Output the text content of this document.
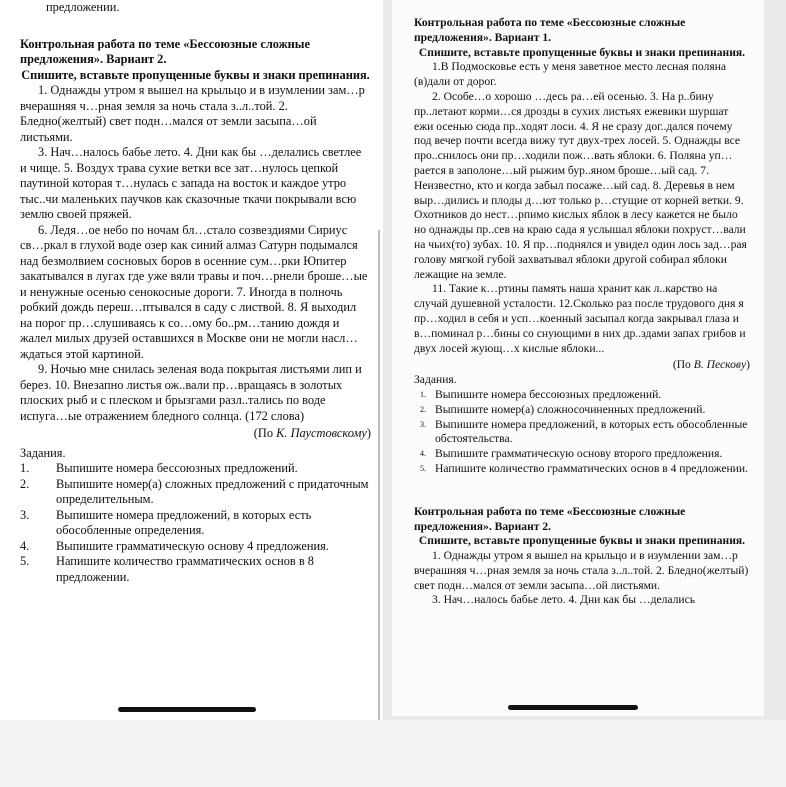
предложении.

Контрольная работа по теме «Бессоюзные сложные предложения». Вариант 2.

Спишите, вставьте пропущенные буквы и знаки препинания.

1. Однажды утром я вышел на крыльцо и в изумлении зам…р вчерашняя ч…рная земля за ночь стала з..л..той. 2. Бледно(желтый) свет подн…мался от земли засыпа…ой листьями.

3. Нач…налось бабье лето. 4. Дни как бы …делались светлее и чище. 5. Воздух трава сухие ветки все зат…нулось цепкой паутиной которая т…нулась с запада на восток и каждое утро тыс..чи маленьких паучков как сказочные ткачи покрывали всю землю своей пряжей.

6. Ледя…ое небо по ночам бл…стало созвездиями Сириус св…ркал в глухой воде озер как синий алмаз Сатурн подымался над безмолвием сосновых боров в осенние сум…рки Юпитер закатывался в лугах где уже вяли травы и поч…рнели броше…ые и ненужные осенью сенокосные дороги. 7. Иногда в полночь робкий дождь переш…птывался в саду с листвой. 8. Я выходил на порог пр…слушиваясь к со…ому бо..рм…танию дождя и жалел милых друзей оставшихся в Москве они не могли насл…ждаться этой картиной.

9. Ночью мне снилась зеленая вода покрытая листьями лип и берез. 10. Внезапно листья ож..вали пр…вращаясь в золотых плоских рыб и с плеском и брызгами разл..тались по воде испуга…ые отражением бледного солнца. (172 слова)

(По К. Паустовскому)

Задания.

1.	Выпишите номера бессоюзных предложений.
2.	Выпишите номер(а) сложных предложений с придаточным определительным.
3.	Выпишите номера предложений, в которых есть обособленные определения.
4.	Выпишите грамматическую основу 4 предложения.
5.	Напишите количество грамматических основ в 8 предложении.

Контрольная работа по теме «Бессоюзные сложные предложения». Вариант 1.

Спишите, вставьте пропущенные буквы и знаки препинания.

1.В Подмосковье есть у меня заветное место лесная поляна (в)дали от дорог.

2. Особе…о хорошо …десь ра…ей осенью. 3. На р..бину пр..летают корми…ся дрозды в сухих листьях ежевики шуршат ежи осенью сюда пр..ходят лоси. 4. Я не сразу дог..дался почему под вечер почти всегда вижу тут двух-трех лосей. 5. Однажды все про..снилось они пр…ходили пож…вать яблоки. 6. Поляна уп…рается в заполоне…ый рыжим бур..яном броше…ый сад. 7. Неизвестно, кто и когда забыл посаже…ый сад. 8. Деревья в нем выр…дились и плоды д…ют только р…стущие от корней ветки. 9. Охотников до нест…рпимо кислых яблок в лесу кажется не было но однажды пр..сев на краю сада я услышал яблоки похруст…вали на чьих(то) зубах. 10. Я пр…поднялся и увидел один лось зад…рая голову мягкой губой захватывал яблоки другой собирал яблоки лежащие на земле.

11. Такие к…ртины память наша хранит как л..карство на случай душевной усталости. 12.Сколько раз после трудового дня я пр…ходил в себя и усп…коенный засыпал когда закрывал глаза и в…поминал р…бины со снующими в них др..здами запах грибов и двух лосей жующ…х кислые яблоки...

(По В. Пескову)

Задания.

1. Выпишите номера бессоюзных предложений.
2. Выпишите номер(а) сложносочиненных предложений.
3. Выпишите номера предложений, в которых есть обособленные обстоятельства.
4. Выпишите грамматическую основу второго предложения.
5. Напишите количество грамматических основ в 4 предложении.

Контрольная работа по теме «Бессоюзные сложные предложения». Вариант 2.

Спишите, вставьте пропущенные буквы и знаки препинания.

1. Однажды утром я вышел на крыльцо и в изумлении зам…р вчерашняя ч…рная земля за ночь стала з..л..той. 2. Бледно(желтый) свет подн…мался от земли засыпа…ой листьями.

3. Нач…налось бабье лето. 4. Дни как бы …делались
